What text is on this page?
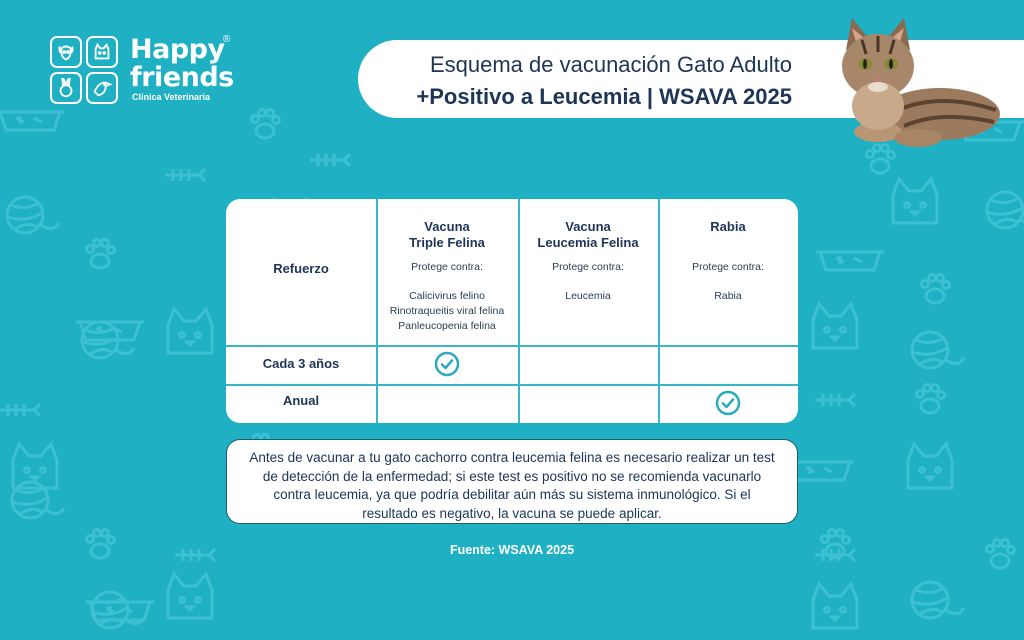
Happy
®
friends
Clínica Veterinaria
Esquema de vacunación Gato Adulto
+Positivo a Leucemia | WSAVA 2025
Refuerzo
Vacuna
Triple Felina
Protege contra:
Calicivirus felino
Rinotraqueitis viral felina
Panleucopenia felina
Vacuna
Leucemia Felina
Protege contra:
Leucemia
Rabia
Protege contra:
Rabia
Cada 3 años
Anual
Antes de vacunar a tu gato cachorro contra leucemia felina es necesario realizar un test de detección de la enfermedad; si este test es positivo no se recomienda vacunarlo contra leucemia, ya que podría debilitar aún más su sistema inmunológico. Si el resultado es negativo, la vacuna se puede aplicar.
Fuente: WSAVA 2025
